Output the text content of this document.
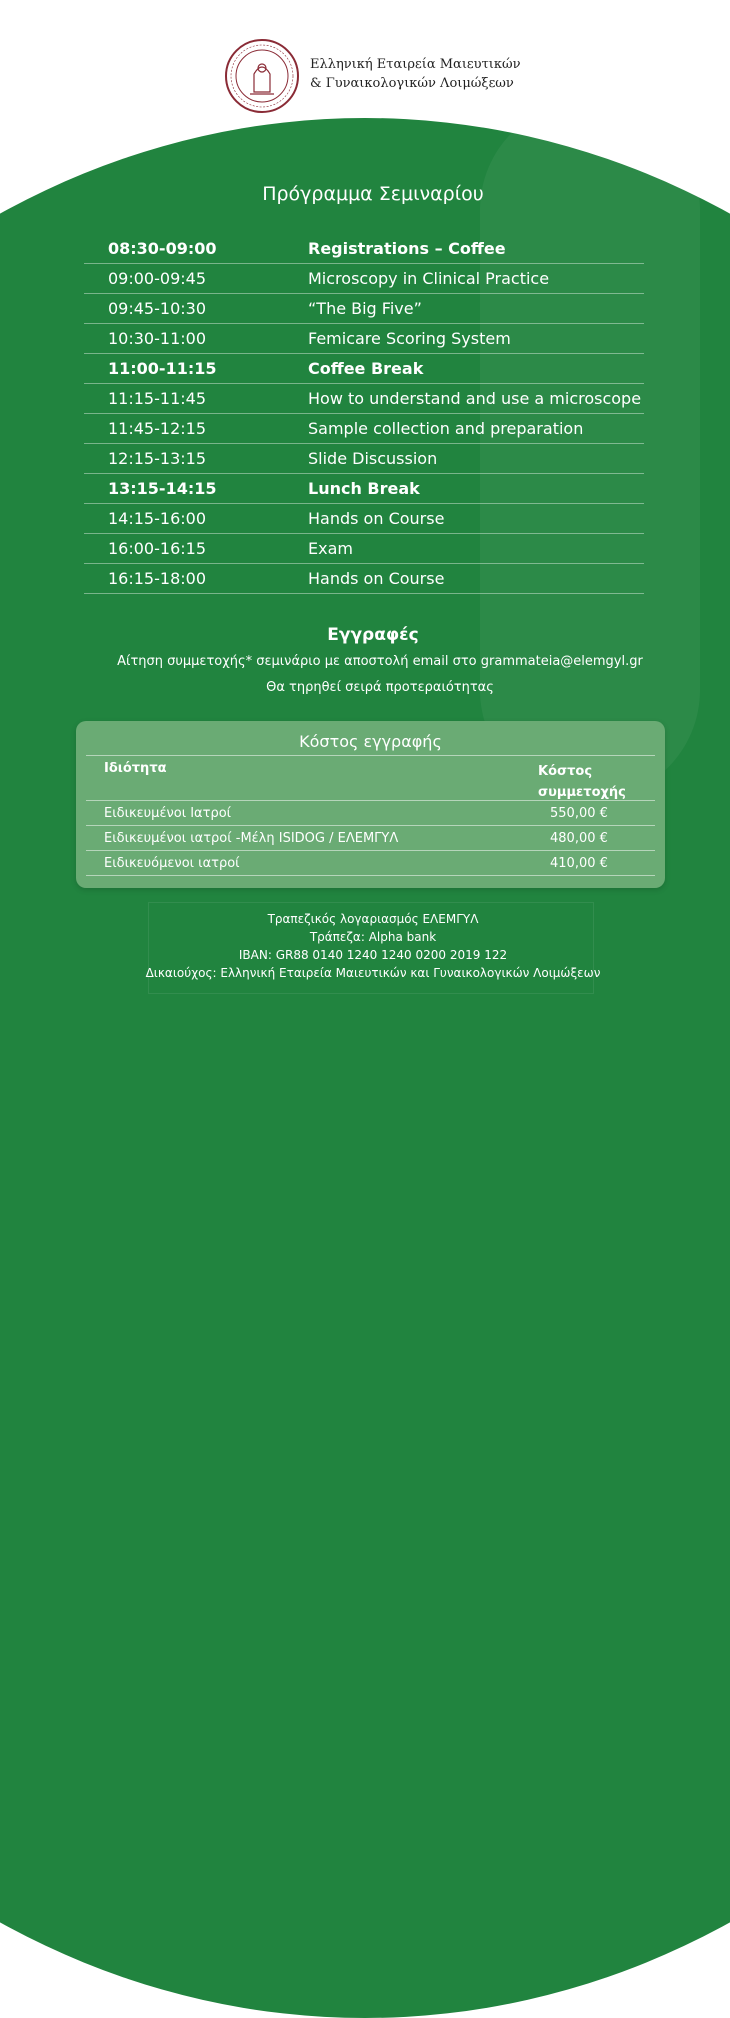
Ελληνική Εταιρεία Μαιευτικών
& Γυναικολογικών Λοιμώξεων
Πρόγραμμα Σεμιναρίου
08:30-09:00	Registrations – Coffee
09:00-09:45	Microscopy in Clinical Practice
09:45-10:30	“The Big Five”
10:30-11:00	Femicare Scoring System
11:00-11:15	Coffee Break
11:15-11:45	How to understand and use a microscope
11:45-12:15	Sample collection and preparation
12:15-13:15	Slide Discussion
13:15-14:15	Lunch Break
14:15-16:00	Hands on Course
16:00-16:15	Exam
16:15-18:00	Hands on Course
Εγγραφές
Αίτηση συμμετοχής* σεμινάριο με αποστολή email στο grammateia@elemgyl.gr
Θα τηρηθεί σειρά προτεραιότητας
Κόστος εγγραφής
Ιδιότητα	Κόστος
συμμετοχής
Ειδικευμένοι Ιατροί	550,00 €
Ειδικευμένοι ιατροί -Μέλη ISIDOG / ΕΛΕΜΓΥΛ	480,00 €
Ειδικευόμενοι ιατροί	410,00 €
Τραπεζικός λογαριασμός ΕΛΕΜΓΥΛ
Τράπεζα: Alpha bank
IBAN: GR88 0140 1240 1240 0200 2019 122
Δικαιούχος: Ελληνική Εταιρεία Μαιευτικών και Γυναικολογικών Λοιμώξεων
